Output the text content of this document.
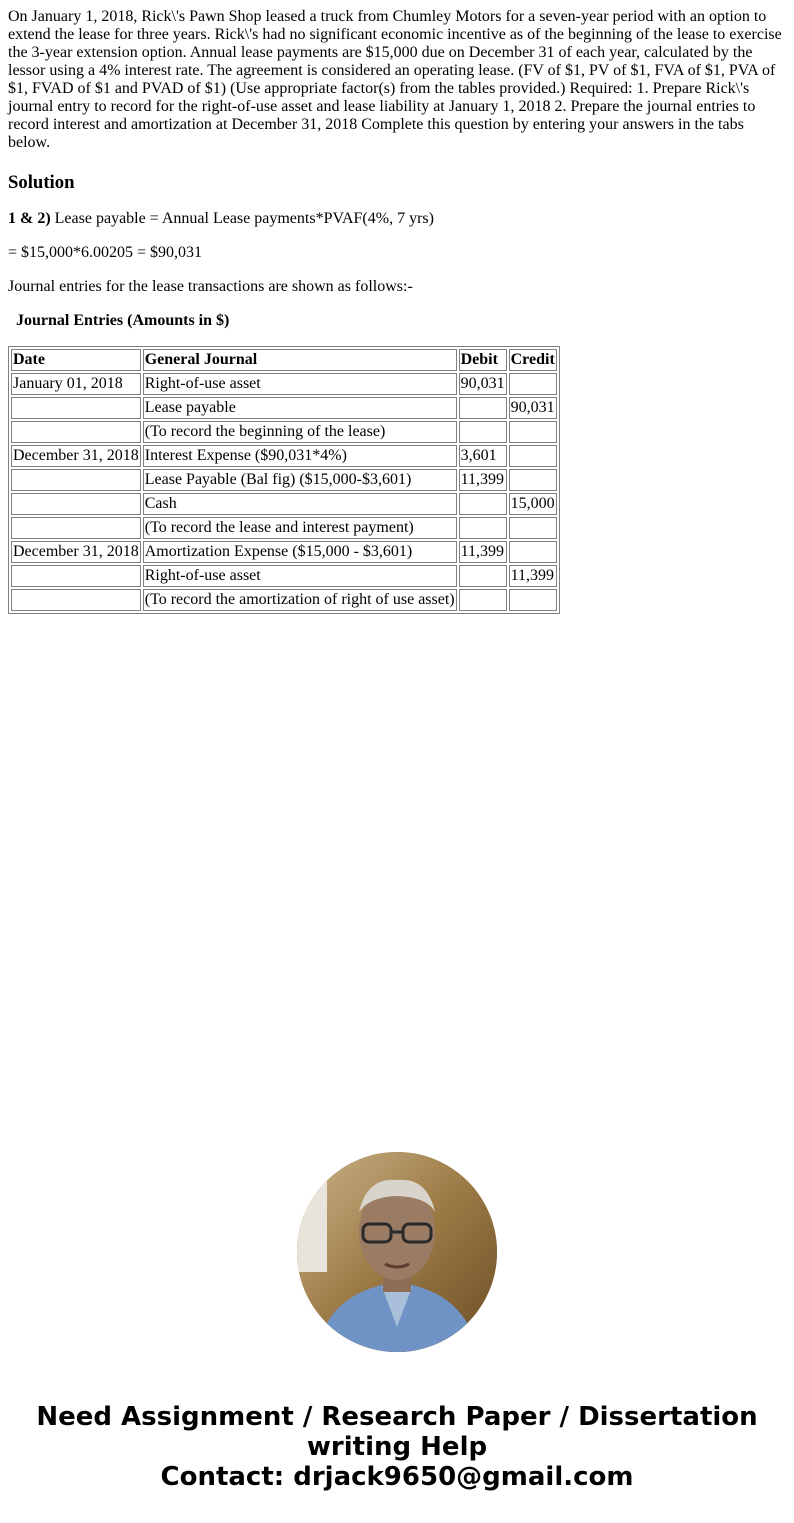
On January 1, 2018, Rick\'s Pawn Shop leased a truck from Chumley Motors for a seven-year period with an option to extend the lease for three years. Rick\'s had no significant economic incentive as of the beginning of the lease to exercise the 3-year extension option. Annual lease payments are $15,000 due on December 31 of each year, calculated by the lessor using a 4% interest rate. The agreement is considered an operating lease. (FV of $1, PV of $1, FVA of $1, PVA of $1, FVAD of $1 and PVAD of $1) (Use appropriate factor(s) from the tables provided.) Required: 1. Prepare Rick\'s journal entry to record for the right-of-use asset and lease liability at January 1, 2018 2. Prepare the journal entries to record interest and amortization at December 31, 2018 Complete this question by entering your answers in the tabs below.

Solution

1 & 2) Lease payable = Annual Lease payments*PVAF(4%, 7 yrs)

= $15,000*6.00205 = $90,031

Journal entries for the lease transactions are shown as follows:-

Journal Entries (Amounts in $)
Date	General Journal	Debit	Credit
January 01, 2018	Right-of-use asset	90,031	
	Lease payable		90,031
	(To record the beginning of the lease)		
December 31, 2018	Interest Expense ($90,031*4%)	3,601	
	Lease Payable (Bal fig) ($15,000-$3,601)	11,399	
	Cash		15,000
	(To record the lease and interest payment)		
December 31, 2018	Amortization Expense ($15,000 - $3,601)	11,399	
	Right-of-use asset		11,399
	(To record the amortization of right of use asset)		
Need Assignment / Research Paper / Dissertation
writing Help
Contact: drjack9650@gmail.com
